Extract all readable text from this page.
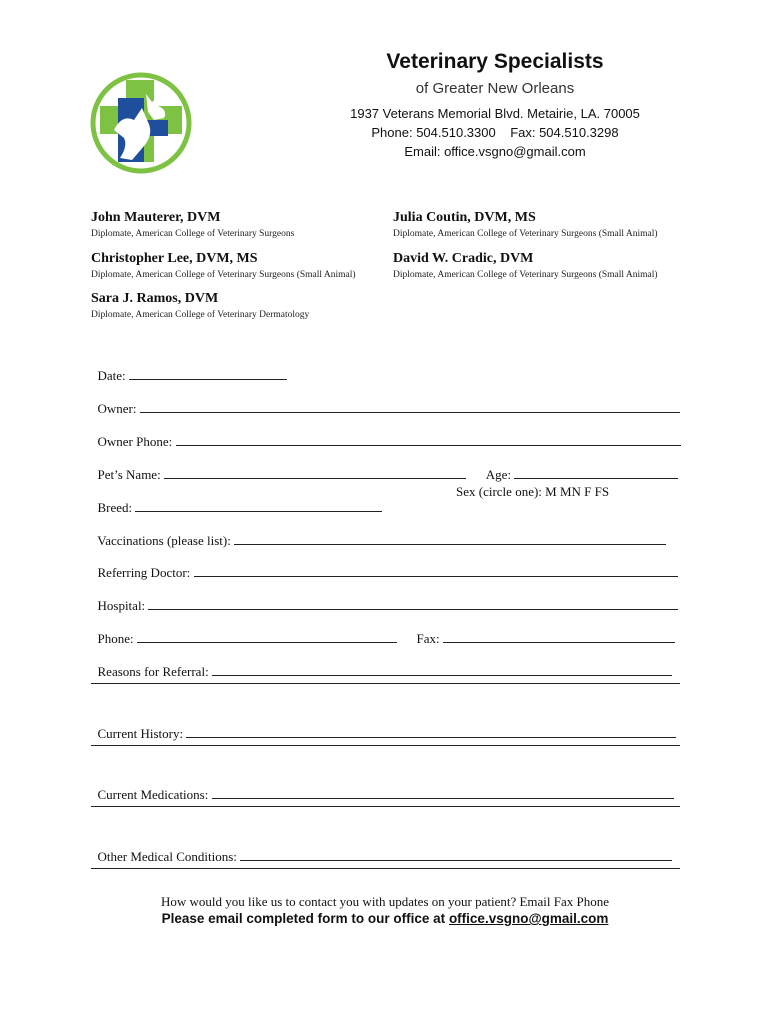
Veterinary Specialists
of Greater New Orleans
1937 Veterans Memorial Blvd. Metairie, LA. 70005
Phone: 504.510.3300 Fax: 504.510.3298
Email: office.vsgno@gmail.com
John Mauterer, DVM
Diplomate, American College of Veterinary Surgeons
Julia Coutin, DVM, MS
Diplomate, American College of Veterinary Surgeons (Small Animal)
Christopher Lee, DVM, MS
Diplomate, American College of Veterinary Surgeons (Small Animal)
David W. Cradic, DVM
Diplomate, American College of Veterinary Surgeons (Small Animal)
Sara J. Ramos, DVM
Diplomate, American College of Veterinary Dermatology

Date:

Owner:

Owner Phone:

Pet’s Name:	Age:

Breed:

Sex (circle one): M MN F FS

Vaccinations (please list):

Referring Doctor:

Hospital:

Phone:	Fax:

Reasons for Referral:

Current History:

Current Medications:

Other Medical Conditions:

How would you like us to contact you with updates on your patient? Email Fax Phone
Please email completed form to our office at office.vsgno@gmail.com
